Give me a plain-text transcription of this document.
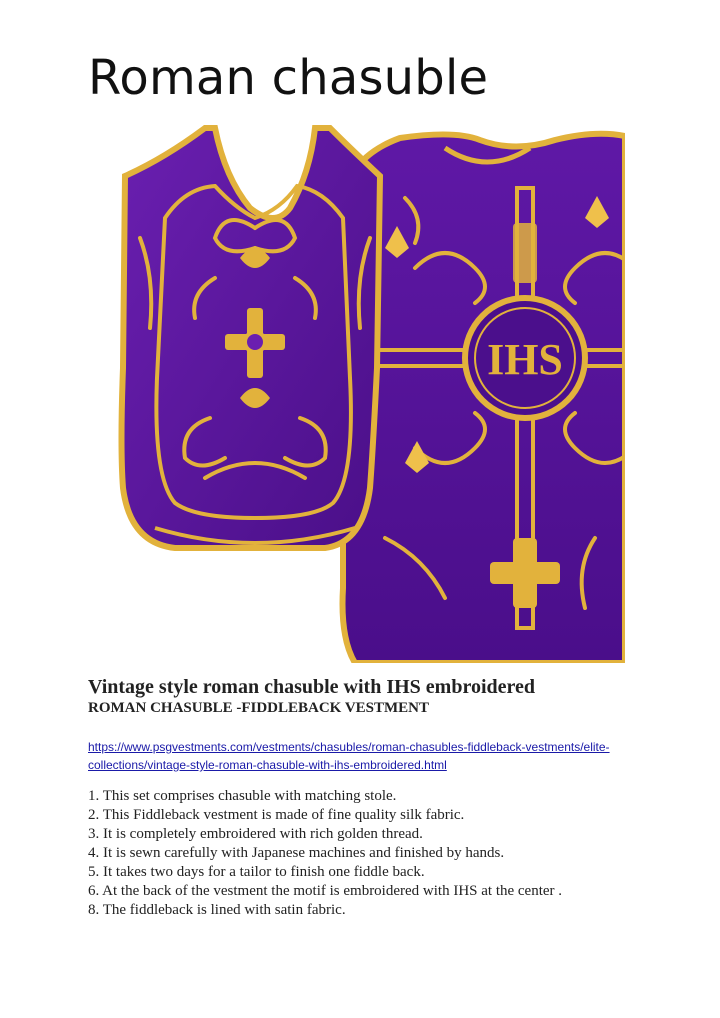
Roman chasuble
IHS
Vintage style roman chasuble with IHS embroidered
ROMAN CHASUBLE -FIDDLEBACK VESTMENT
https://www.psgvestments.com/vestments/chasubles/roman-chasubles-fiddleback-vestments/elite-
collections/vintage-style-roman-chasuble-with-ihs-embroidered.html
1. This set comprises chasuble with matching stole.
2. This Fiddleback vestment is made of fine quality silk fabric.
3. It is completely embroidered with rich golden thread.
4. It is sewn carefully with Japanese machines and finished by hands.
5. It takes two days for a tailor to finish one fiddle back.
6. At the back of the vestment the motif is embroidered with IHS at the center .
8. The fiddleback is lined with satin fabric.
